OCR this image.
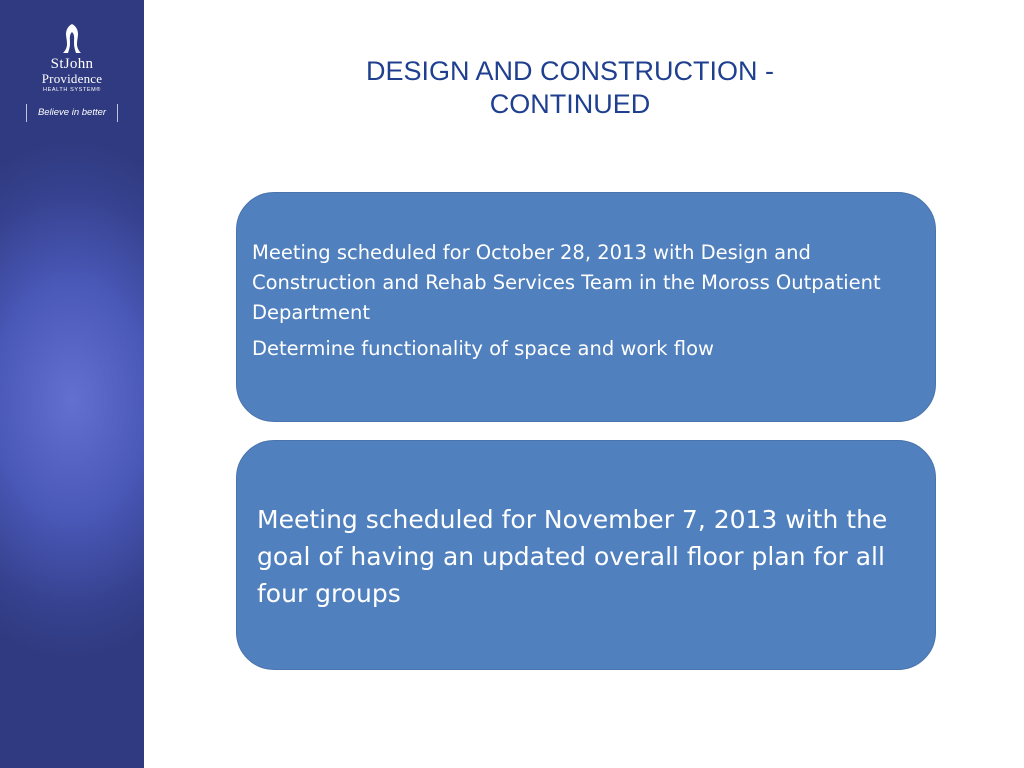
StJohn
Providence
HEALTH SYSTEM®
Believe in better
DESIGN AND CONSTRUCTION - CONTINUED

Meeting scheduled for October 28, 2013 with Design and Construction and Rehab Services Team in the Moross Outpatient Department

Determine functionality of space and work flow

Meeting scheduled for November 7, 2013 with the goal of having an updated overall floor plan for all four groups
